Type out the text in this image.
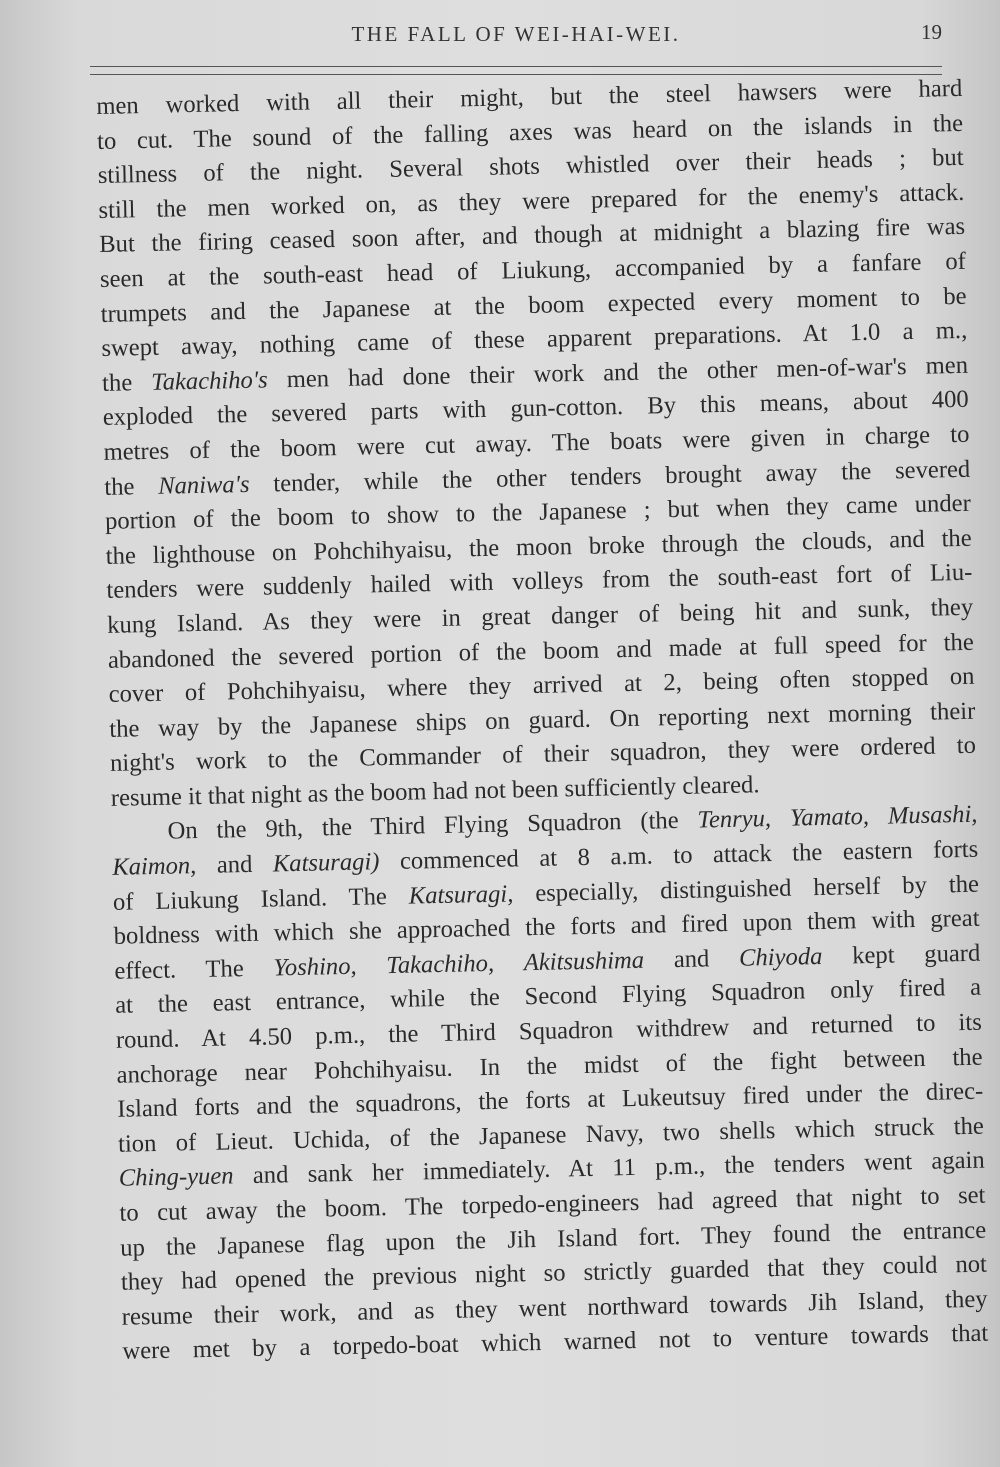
THE FALL OF WEI-HAI-WEI.	19

men worked with all their might, but the steel hawsers were hard
to cut. The sound of the falling axes was heard on the islands in the
stillness of the night. Several shots whistled over their heads ; but
still the men worked on, as they were prepared for the enemy's attack.
But the firing ceased soon after, and though at midnight a blazing fire was
seen at the south-east head of Liukung, accompanied by a fanfare of
trumpets and the Japanese at the boom expected every moment to be
swept away, nothing came of these apparent preparations. At 1.0 a m.,
the Takachiho's men had done their work and the other men-of-war's men
exploded the severed parts with gun-cotton. By this means, about 400
metres of the boom were cut away. The boats were given in charge to
the Naniwa's tender, while the other tenders brought away the severed
portion of the boom to show to the Japanese ; but when they came under
the lighthouse on Pohchihyaisu, the moon broke through the clouds, and the
tenders were suddenly hailed with volleys from the south-east fort of Liu-
kung Island. As they were in great danger of being hit and sunk, they
abandoned the severed portion of the boom and made at full speed for the
cover of Pohchihyaisu, where they arrived at 2, being often stopped on
the way by the Japanese ships on guard. On reporting next morning their
night's work to the Commander of their squadron, they were ordered to
resume it that night as the boom had not been sufficiently cleared.

On the 9th, the Third Flying Squadron (the Tenryu, Yamato, Musashi,
Kaimon, and Katsuragi) commenced at 8 a.m. to attack the eastern forts
of Liukung Island. The Katsuragi, especially, distinguished herself by the
boldness with which she approached the forts and fired upon them with great
effect. The Yoshino, Takachiho, Akitsushima and Chiyoda kept guard
at the east entrance, while the Second Flying Squadron only fired a
round. At 4.50 p.m., the Third Squadron withdrew and returned to its
anchorage near Pohchihyaisu. In the midst of the fight between the
Island forts and the squadrons, the forts at Lukeutsuy fired under the direc-
tion of Lieut. Uchida, of the Japanese Navy, two shells which struck the
Ching-yuen and sank her immediately. At 11 p.m., the tenders went again
to cut away the boom. The torpedo-engineers had agreed that night to set
up the Japanese flag upon the Jih Island fort. They found the entrance
they had opened the previous night so strictly guarded that they could not
resume their work, and as they went northward towards Jih Island, they
were met by a torpedo-boat which warned not to venture towards that
